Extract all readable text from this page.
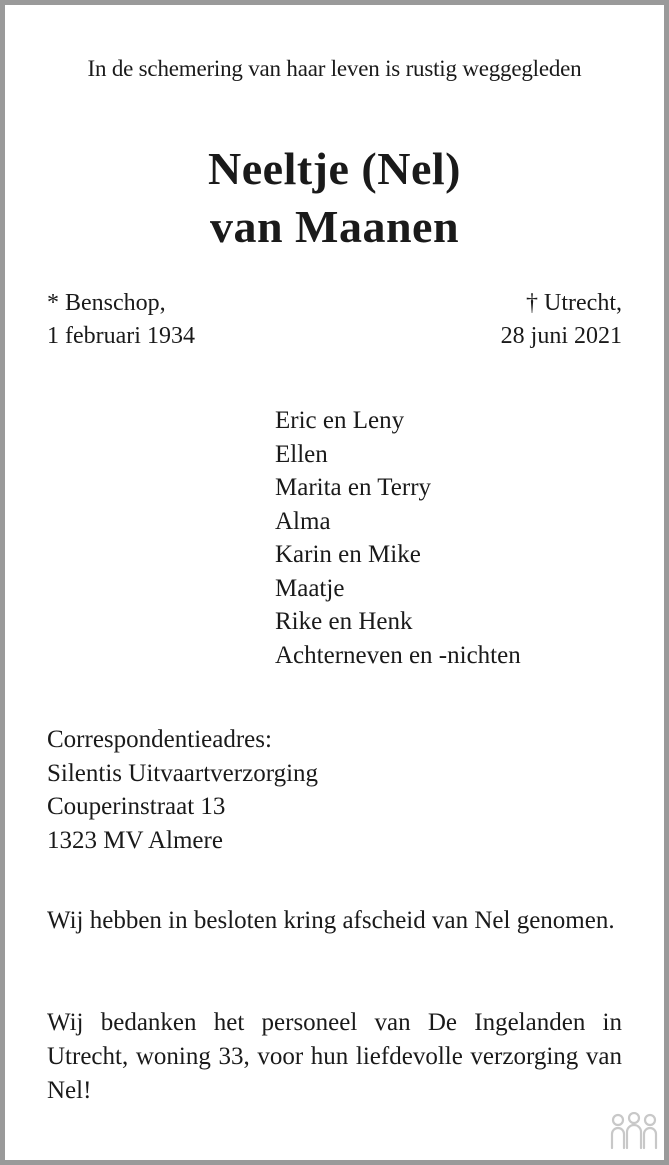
In de schemering van haar leven is rustig weggegleden
Neeltje (Nel)
van Maanen
* Benschop,
1 februari 1934
† Utrecht,
28 juni 2021
Eric en Leny
Ellen
Marita en Terry
Alma
Karin en Mike
Maatje
Rike en Henk
Achterneven en -nichten
Correspondentieadres:
Silentis Uitvaartverzorging
Couperinstraat 13
1323 MV Almere
Wij hebben in besloten kring afscheid van Nel genomen.
Wij bedanken het personeel van De Ingelanden in Utrecht, woning 33, voor hun liefdevolle verzorging van Nel!
